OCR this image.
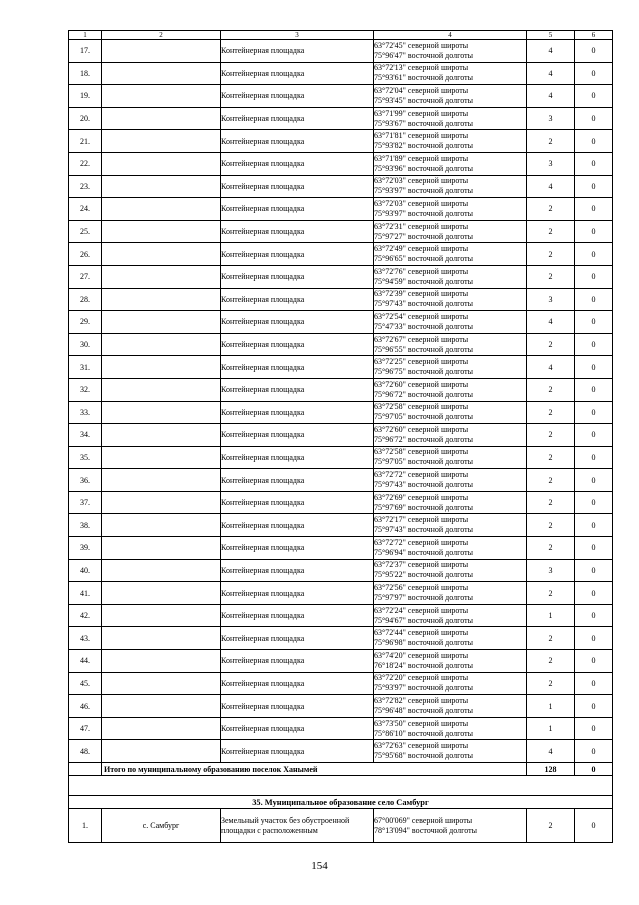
1	2	3	4	5	6
17.		Контейнерная площадка	63°72'45" северной широты
75°96'47" восточной долготы	4	0
18.		Контейнерная площадка	63°72'13" северной широты
75°93'61" восточной долготы	4	0
19.		Контейнерная площадка	63°72'04" северной широты
75°93'45" восточной долготы	4	0
20.		Контейнерная площадка	63°71'99" северной широты
75°93'67" восточной долготы	3	0
21.		Контейнерная площадка	63°71'81" северной широты
75°93'82" восточной долготы	2	0
22.		Контейнерная площадка	63°71'89" северной широты
75°93'96" восточной долготы	3	0
23.		Контейнерная площадка	63°72'03" северной широты
75°93'97" восточной долготы	4	0
24.		Контейнерная площадка	63°72'03" северной широты
75°93'97" восточной долготы	2	0
25.		Контейнерная площадка	63°72'31" северной широты
75°97'27" восточной долготы	2	0
26.		Контейнерная площадка	63°72'49" северной широты
75°96'65" восточной долготы	2	0
27.		Контейнерная площадка	63°72'76" северной широты
75°94'59" восточной долготы	2	0
28.		Контейнерная площадка	63°72'39" северной широты
75°97'43" восточной долготы	3	0
29.		Контейнерная площадка	63°72'54" северной широты
75°47'33" восточной долготы	4	0
30.		Контейнерная площадка	63°72'67" северной широты
75°96'55" восточной долготы	2	0
31.		Контейнерная площадка	63°72'25" северной широты
75°96'75" восточной долготы	4	0
32.		Контейнерная площадка	63°72'60" северной широты
75°96'72" восточной долготы	2	0
33.		Контейнерная площадка	63°72'58" северной широты
75°97'05" восточной долготы	2	0
34.		Контейнерная площадка	63°72'60" северной широты
75°96'72" восточной долготы	2	0
35.		Контейнерная площадка	63°72'58" северной широты
75°97'05" восточной долготы	2	0
36.		Контейнерная площадка	63°72'72" северной широты
75°97'43" восточной долготы	2	0
37.		Контейнерная площадка	63°72'69" северной широты
75°97'69" восточной долготы	2	0
38.		Контейнерная площадка	63°72'17" северной широты
75°97'43" восточной долготы	2	0
39.		Контейнерная площадка	63°72'72" северной широты
75°96'94" восточной долготы	2	0
40.		Контейнерная площадка	63°72'37" северной широты
75°95'22" восточной долготы	3	0
41.		Контейнерная площадка	63°72'56" северной широты
75°97'97" восточной долготы	2	0
42.		Контейнерная площадка	63°72'24" северной широты
75°94'67" восточной долготы	1	0
43.		Контейнерная площадка	63°72'44" северной широты
75°96'98" восточной долготы	2	0
44.		Контейнерная площадка	63°74'20" северной широты
76°18'24" восточной долготы	2	0
45.		Контейнерная площадка	63°72'20" северной широты
75°93'97" восточной долготы	2	0
46.		Контейнерная площадка	63°72'82" северной широты
75°96'48" восточной долготы	1	0
47.		Контейнерная площадка	63°73'50" северной широты
75°86'10" восточной долготы	1	0
48.		Контейнерная площадка	63°72'63" северной широты
75°95'68" восточной долготы	4	0
	Итого по муниципальному образованию поселок Ханымей			128	0

35. Муниципальное образование село Самбург					
1.	с. Самбург	Земельный участок без обустроенной
площадки с расположенным	67°00'069" северной широты
78°13'094" восточной долготы	2	0
154
